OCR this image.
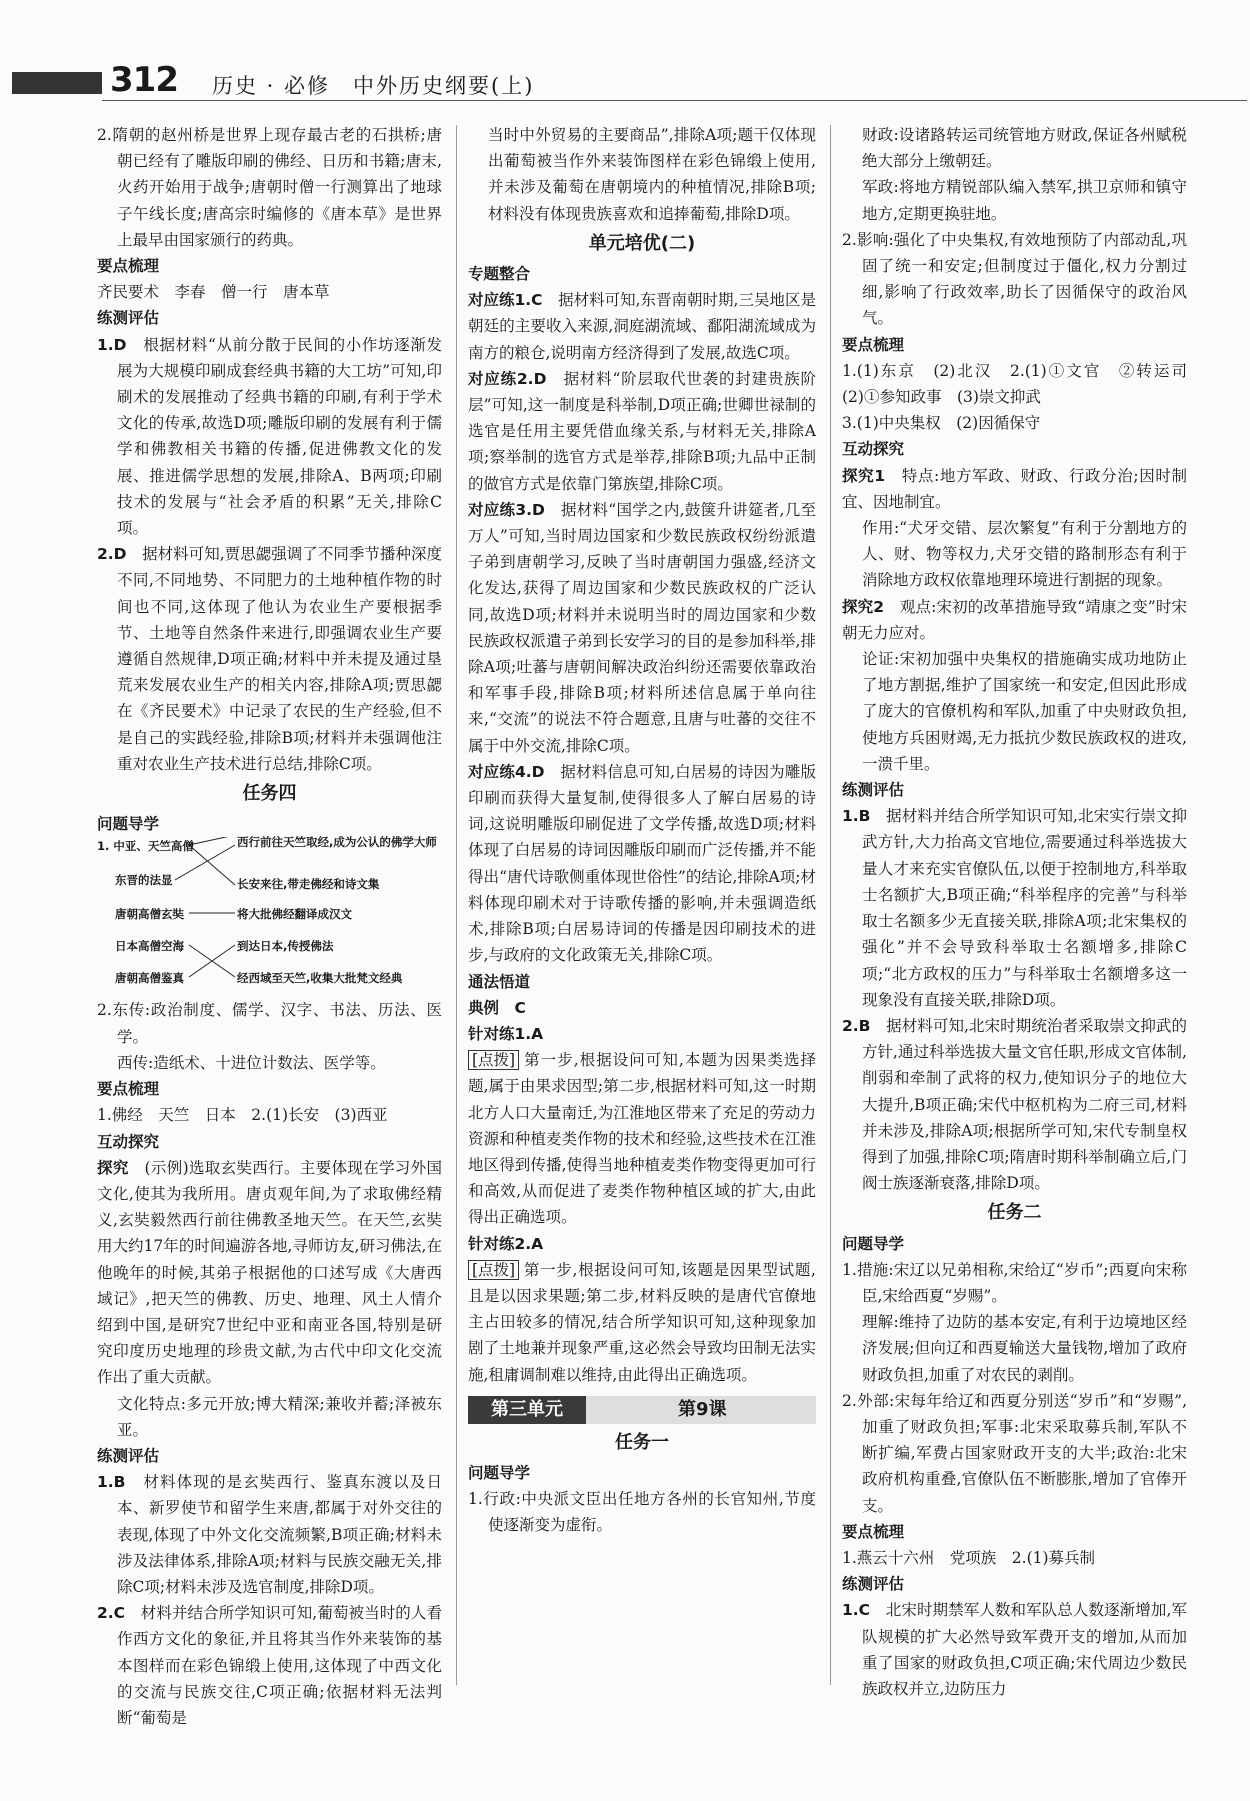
312 历史 · 必修　中外历史纲要(上)

2.隋朝的赵州桥是世界上现存最古老的石拱桥;唐朝已经有了雕版印刷的佛经、日历和书籍;唐末,火药开始用于战争;唐朝时僧一行测算出了地球子午线长度;唐高宗时编修的《唐本草》是世界上最早由国家颁行的药典。

要点梳理

齐民要术　李春　僧一行　唐本草

练测评估

1.D　 根据材料“从前分散于民间的小作坊逐渐发展为大规模印刷成套经典书籍的大工坊”可知,印刷术的发展推动了经典书籍的印刷,有利于学术文化的传承,故选D项;雕版印刷的发展有利于儒学和佛教相关书籍的传播,促进佛教文化的发展、推进儒学思想的发展,排除A、B两项;印刷技术的发展与“社会矛盾的积累”无关,排除C项。

2.D　 据材料可知,贾思勰强调了不同季节播种深度不同,不同地势、不同肥力的土地种植作物的时间也不同,这体现了他认为农业生产要根据季节、土地等自然条件来进行,即强调农业生产要遵循自然规律,D项正确;材料中并未提及通过垦荒来发展农业生产的相关内容,排除A项;贾思勰在《齐民要术》中记录了农民的生产经验,但不是自己的实践经验,排除B项;材料并未强调他注重对农业生产技术进行总结,排除C项。

任务四

问题导学

1. 中亚、天竺高僧
东晋的法显
唐朝高僧玄奘
日本高僧空海
唐朝高僧鉴真
西行前往天竺取经,成为公认的佛学大师
长安来往,带走佛经和诗文集
将大批佛经翻译成汉文
到达日本,传授佛法
经西域至天竺,收集大批梵文经典

2.东传:政治制度、儒学、汉字、书法、历法、医学。

西传:造纸术、十进位计数法、医学等。

要点梳理

1.佛经　天竺　日本　2.(1)长安　(3)西亚

互动探究

探究　 (示例)选取玄奘西行。主要体现在学习外国文化,使其为我所用。唐贞观年间,为了求取佛经精义,玄奘毅然西行前往佛教圣地天竺。在天竺,玄奘用大约17年的时间遍游各地,寻师访友,研习佛法,在他晚年的时候,其弟子根据他的口述写成《大唐西域记》,把天竺的佛教、历史、地理、风土人情介绍到中国,是研究7世纪中亚和南亚各国,特别是研究印度历史地理的珍贵文献,为古代中印文化交流作出了重大贡献。

文化特点:多元开放;博大精深;兼收并蓄;泽被东亚。

练测评估

1.B　 材料体现的是玄奘西行、鉴真东渡以及日本、新罗使节和留学生来唐,都属于对外交往的表现,体现了中外文化交流频繁,B项正确;材料未涉及法律体系,排除A项;材料与民族交融无关,排除C项;材料未涉及选官制度,排除D项。

2.C　 材料并结合所学知识可知,葡萄被当时的人看作西方文化的象征,并且将其当作外来装饰的基本图样而在彩色锦缎上使用,这体现了中西文化的交流与民族交往,C项正确;依据材料无法判断“葡萄是

当时中外贸易的主要商品”,排除A项;题干仅体现出葡萄被当作外来装饰图样在彩色锦缎上使用,并未涉及葡萄在唐朝境内的种植情况,排除B项;材料没有体现贵族喜欢和追捧葡萄,排除D项。

单元培优(二)

专题整合

对应练1.C　 据材料可知,东晋南朝时期,三吴地区是朝廷的主要收入来源,洞庭湖流域、鄱阳湖流域成为南方的粮仓,说明南方经济得到了发展,故选C项。

对应练2.D　 据材料“阶层取代世袭的封建贵族阶层”可知,这一制度是科举制,D项正确;世卿世禄制的选官是任用主要凭借血缘关系,与材料无关,排除A项;察举制的选官方式是举荐,排除B项;九品中正制的做官方式是依靠门第族望,排除C项。

对应练3.D　 据材料“国学之内,鼓箧升讲筵者,几至万人”可知,当时周边国家和少数民族政权纷纷派遣子弟到唐朝学习,反映了当时唐朝国力强盛,经济文化发达,获得了周边国家和少数民族政权的广泛认同,故选D项;材料并未说明当时的周边国家和少数民族政权派遣子弟到长安学习的目的是参加科举,排除A项;吐蕃与唐朝间解决政治纠纷还需要依靠政治和军事手段,排除B项;材料所述信息属于单向往来,“交流”的说法不符合题意,且唐与吐蕃的交往不属于中外交流,排除C项。

对应练4.D　 据材料信息可知,白居易的诗因为雕版印刷而获得大量复制,使得很多人了解白居易的诗词,这说明雕版印刷促进了文学传播,故选D项;材料体现了白居易的诗词因雕版印刷而广泛传播,并不能得出“唐代诗歌侧重体现世俗性”的结论,排除A项;材料体现印刷术对于诗歌传播的影响,并未强调造纸术,排除B项;白居易诗词的传播是因印刷技术的进步,与政府的文化政策无关,排除C项。

通法悟道

典例　C

针对练1.A

[点拨] 第一步,根据设问可知,本题为因果类选择题,属于由果求因型;第二步,根据材料可知,这一时期北方人口大量南迁,为江淮地区带来了充足的劳动力资源和种植麦类作物的技术和经验,这些技术在江淮地区得到传播,使得当地种植麦类作物变得更加可行和高效,从而促进了麦类作物种植区域的扩大,由此得出正确选项。

针对练2.A

[点拨] 第一步,根据设问可知,该题是因果型试题,且是以因求果题;第二步,材料反映的是唐代官僚地主占田较多的情况,结合所学知识可知,这种现象加剧了土地兼并现象严重,这必然会导致均田制无法实施,租庸调制难以维持,由此得出正确选项。

第三单元	第9课

任务一

问题导学

1.行政:中央派文臣出任地方各州的长官知州,节度使逐渐变为虚衔。

财政:设诸路转运司统管地方财政,保证各州赋税绝大部分上缴朝廷。

军政:将地方精锐部队编入禁军,拱卫京师和镇守地方,定期更换驻地。

2.影响:强化了中央集权,有效地预防了内部动乱,巩固了统一和安定;但制度过于僵化,权力分割过细,影响了行政效率,助长了因循保守的政治风气。

要点梳理

1.(1)东京　(2)北汉　2.(1)①文官　②转运司　(2)①参知政事　(3)崇文抑武

3.(1)中央集权　(2)因循保守

互动探究

探究1　 特点:地方军政、财政、行政分治;因时制宜、因地制宜。

作用:“犬牙交错、层次繁复”有利于分割地方的人、财、物等权力,犬牙交错的路制形态有利于消除地方政权依靠地理环境进行割据的现象。

探究2　 观点:宋初的改革措施导致“靖康之变”时宋朝无力应对。

论证:宋初加强中央集权的措施确实成功地防止了地方割据,维护了国家统一和安定,但因此形成了庞大的官僚机构和军队,加重了中央财政负担,使地方兵困财竭,无力抵抗少数民族政权的进攻,一溃千里。

练测评估

1.B　 据材料并结合所学知识可知,北宋实行崇文抑武方针,大力抬高文官地位,需要通过科举选拔大量人才来充实官僚队伍,以便于控制地方,科举取士名额扩大,B项正确;“科举程序的完善”与科举取士名额多少无直接关联,排除A项;北宋集权的强化”并不会导致科举取士名额增多,排除C项;“北方政权的压力”与科举取士名额增多这一现象没有直接关联,排除D项。

2.B　 据材料可知,北宋时期统治者采取崇文抑武的方针,通过科举选拔大量文官任职,形成文官体制,削弱和牵制了武将的权力,使知识分子的地位大大提升,B项正确;宋代中枢机构为二府三司,材料并未涉及,排除A项;根据所学可知,宋代专制皇权得到了加强,排除C项;隋唐时期科举制确立后,门阀士族逐渐衰落,排除D项。

任务二

问题导学

1.措施:宋辽以兄弟相称,宋给辽“岁币”;西夏向宋称臣,宋给西夏“岁赐”。

理解:维持了边防的基本安定,有利于边境地区经济发展;但向辽和西夏输送大量钱物,增加了政府财政负担,加重了对农民的剥削。

2.外部:宋每年给辽和西夏分别送“岁币”和“岁赐”,加重了财政负担;军事:北宋采取募兵制,军队不断扩编,军费占国家财政开支的大半;政治:北宋政府机构重叠,官僚队伍不断膨胀,增加了官俸开支。

要点梳理

1.燕云十六州　党项族　2.(1)募兵制

练测评估

1.C　 北宋时期禁军人数和军队总人数逐渐增加,军队规模的扩大必然导致军费开支的增加,从而加重了国家的财政负担,C项正确;宋代周边少数民族政权并立,边防压力
